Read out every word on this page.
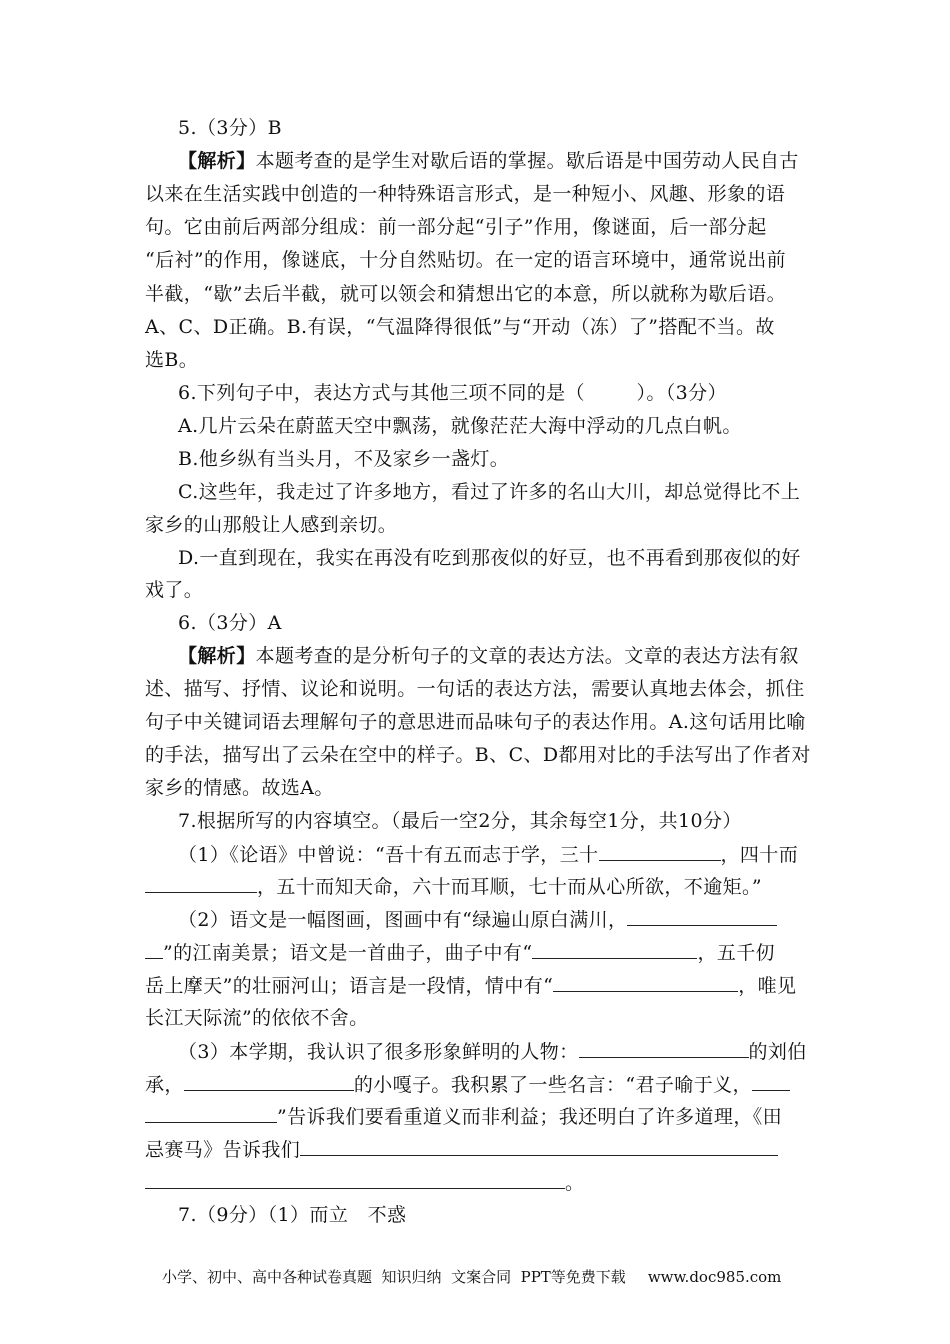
5.（3分）B
【解析】本题考查的是学生对歇后语的掌握。歇后语是中国劳动人民自古
以来在生活实践中创造的一种特殊语言形式，是一种短小、风趣、形象的语
句。它由前后两部分组成：前一部分起“引子”作用，像谜面，后一部分起
“后衬”的作用，像谜底，十分自然贴切。在一定的语言环境中，通常说出前
半截，“歇”去后半截，就可以领会和猜想出它的本意，所以就称为歇后语。
A、C、D正确。B.有误，“气温降得很低”与“开动（冻）了”搭配不当。故
选B。
6.下列句子中，表达方式与其他三项不同的是（        ）。（3分）
A.几片云朵在蔚蓝天空中飘荡，就像茫茫大海中浮动的几点白帆。
B.他乡纵有当头月，不及家乡一盏灯。
C.这些年，我走过了许多地方，看过了许多的名山大川，却总觉得比不上
家乡的山那般让人感到亲切。
D.一直到现在，我实在再没有吃到那夜似的好豆，也不再看到那夜似的好
戏了。
6.（3分）A
【解析】本题考查的是分析句子的文章的表达方法。文章的表达方法有叙
述、描写、抒情、议论和说明。一句话的表达方法，需要认真地去体会，抓住
句子中关键词语去理解句子的意思进而品味句子的表达作用。A.这句话用比喻
的手法，描写出了云朵在空中的样子。B、C、D都用对比的手法写出了作者对
家乡的情感。故选A。
7.根据所写的内容填空。（最后一空2分，其余每空1分，共10分）
（1）《论语》中曾说：“吾十有五而志于学，三十	，四十而
，五十而知天命，六十而耳顺，七十而从心所欲，不逾矩。”
（2）语文是一幅图画，图画中有“绿遍山原白满川，
”的江南美景；语文是一首曲子，曲子中有“	，五千仞
岳上摩天”的壮丽河山；语言是一段情，情中有“	，唯见
长江天际流”的依依不舍。
（3）本学期，我认识了很多形象鲜明的人物：	的刘伯
承，	的小嘎子。我积累了一些名言：“君子喻于义，
”告诉我们要看重道义而非利益；我还明白了许多道理，《田
忌赛马》告诉我们
。
7.（9分）（1）而立　不惑
小学、初中、高中各种试卷真题  知识归纳  文案合同  PPT等免费下载 www.doc985.com
